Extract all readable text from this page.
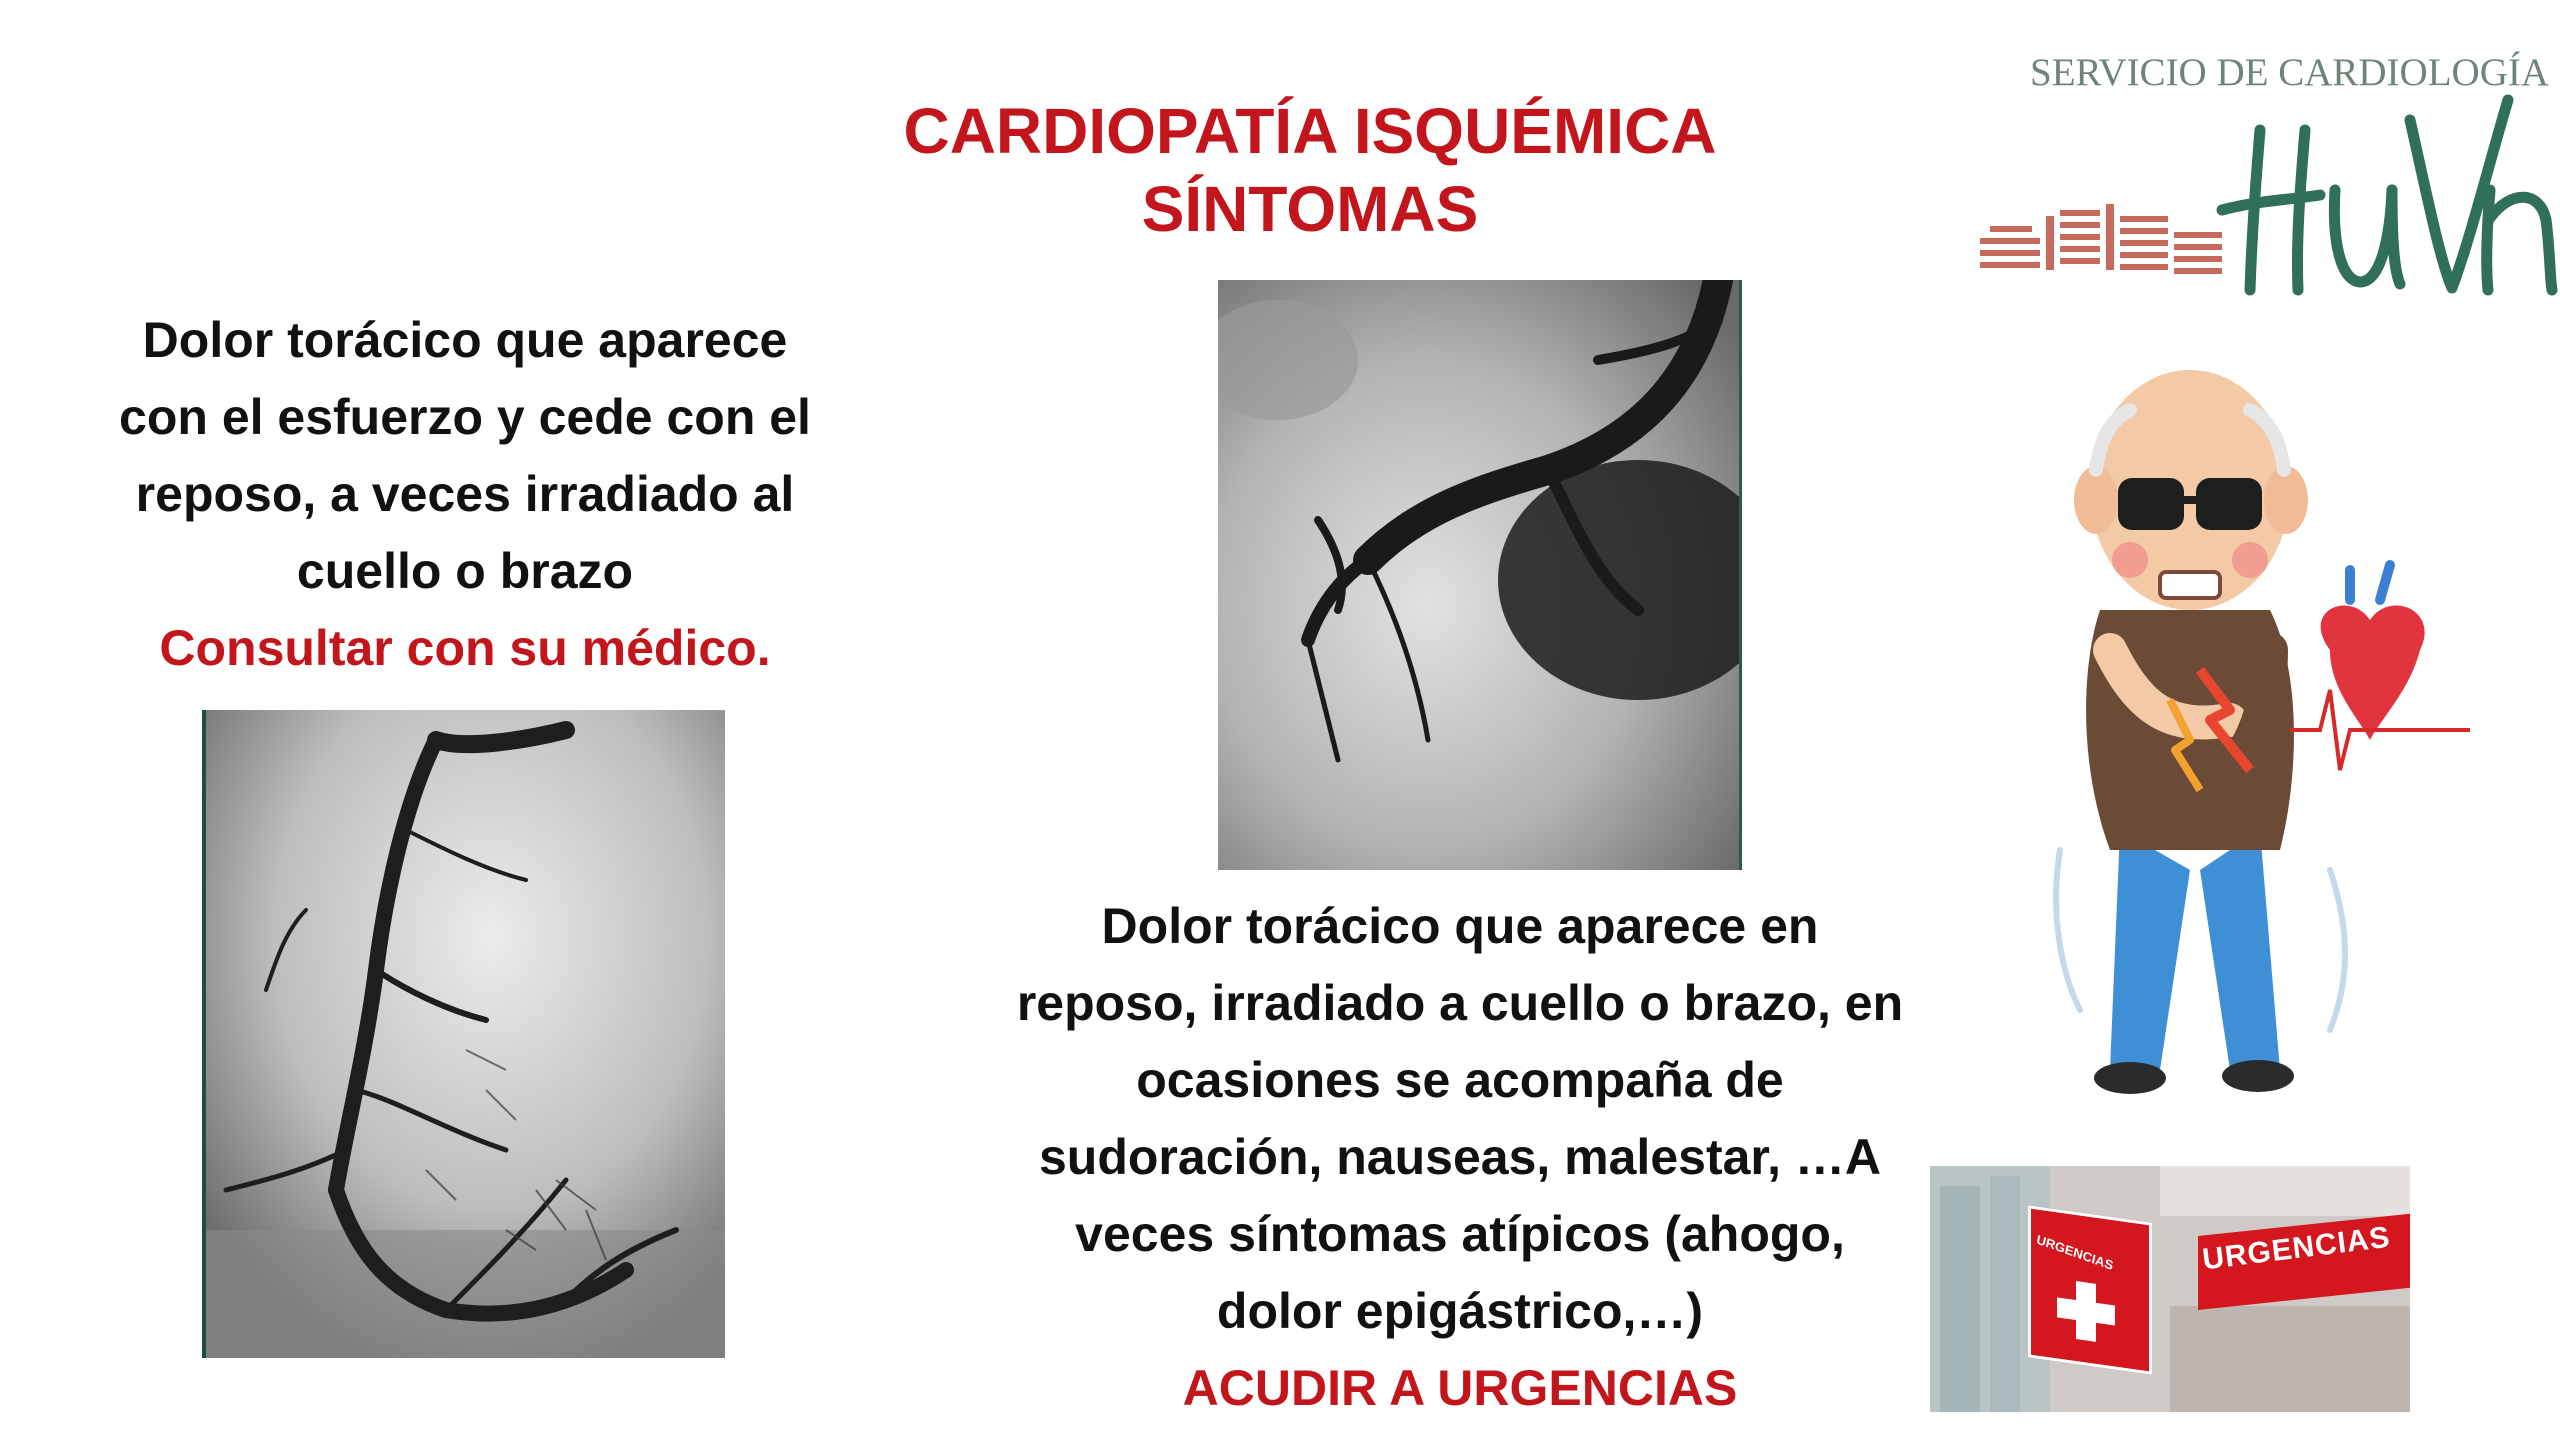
CARDIOPATÍA ISQUÉMICA
SÍNTOMAS
SERVICIO DE CARDIOLOGÍA
Dolor torácico que aparece
con el esfuerzo y cede con el
reposo, a veces irradiado al
cuello o brazo
Consultar con su médico.
Dolor torácico que aparece en
reposo, irradiado a cuello o brazo, en
ocasiones se acompaña de
sudoración, nauseas, malestar, …A
veces síntomas atípicos (ahogo,
dolor epigástrico,…)
ACUDIR A URGENCIAS
URGENCIAS
URGENCIAS
